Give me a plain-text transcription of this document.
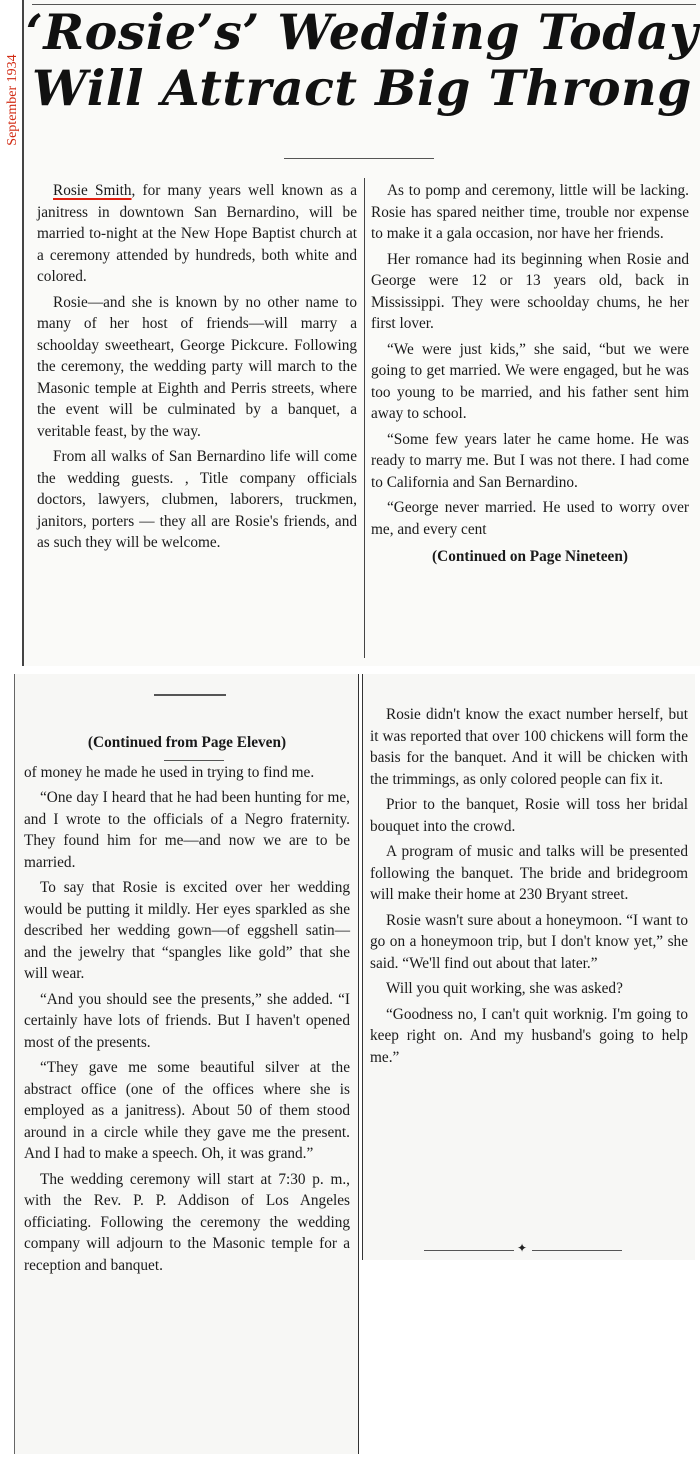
September 1934
‘Rosie’s’ Wedding Today
Will Attract Big Throng

Rosie Smith, for many years well known as a janitress in downtown San Bernardino, will be married to-night at the New Hope Baptist church at a ceremony attended by hundreds, both white and colored.

Rosie—and she is known by no other name to many of her host of friends—will marry a schoolday sweetheart, George Pickcure. Following the ceremony, the wedding party will march to the Masonic temple at Eighth and Perris streets, where the event will be culminated by a banquet, a veritable feast, by the way.

From all walks of San Bernardino life will come the wedding guests. , Title company officials doctors, lawyers, clubmen, laborers, truckmen, janitors, porters — they all are Rosie's friends, and as such they will be welcome.

As to pomp and ceremony, little will be lacking. Rosie has spared neither time, trouble nor expense to make it a gala occasion, nor have her friends.

Her romance had its beginning when Rosie and George were 12 or 13 years old, back in Mississippi. They were schoolday chums, he her first lover.

“We were just kids,” she said, “but we were going to get married. We were engaged, but he was too young to be married, and his father sent him away to school.

“Some few years later he came home. He was ready to marry me. But I was not there. I had come to California and San Bernardino.

“George never married. He used to worry over me, and every cent

(Continued on Page Nineteen)

(Continued from Page Eleven)

of money he made he used in trying to find me.

“One day I heard that he had been hunting for me, and I wrote to the officials of a Negro fraternity. They found him for me—and now we are to be married.

To say that Rosie is excited over her wedding would be putting it mildly. Her eyes sparkled as she described her wedding gown—of eggshell satin—and the jewelry that “spangles like gold” that she will wear.

“And you should see the presents,” she added. “I certainly have lots of friends. But I haven't opened most of the presents.

“They gave me some beautiful silver at the abstract office (one of the offices where she is employed as a janitress). About 50 of them stood around in a circle while they gave me the present. And I had to make a speech. Oh, it was grand.”

The wedding ceremony will start at 7:30 p. m., with the Rev. P. P. Addison of Los Angeles officiating. Following the ceremony the wedding company will adjourn to the Masonic temple for a reception and banquet.

Rosie didn't know the exact number herself, but it was reported that over 100 chickens will form the basis for the banquet. And it will be chicken with the trimmings, as only colored people can fix it.

Prior to the banquet, Rosie will toss her bridal bouquet into the crowd.

A program of music and talks will be presented following the banquet. The bride and bridegroom will make their home at 230 Bryant street.

Rosie wasn't sure about a honeymoon. “I want to go on a honeymoon trip, but I don't know yet,” she said. “We'll find out about that later.”

Will you quit working, she was asked?

“Goodness no, I can't quit worknig. I'm going to keep right on. And my husband's going to help me.”

✦
